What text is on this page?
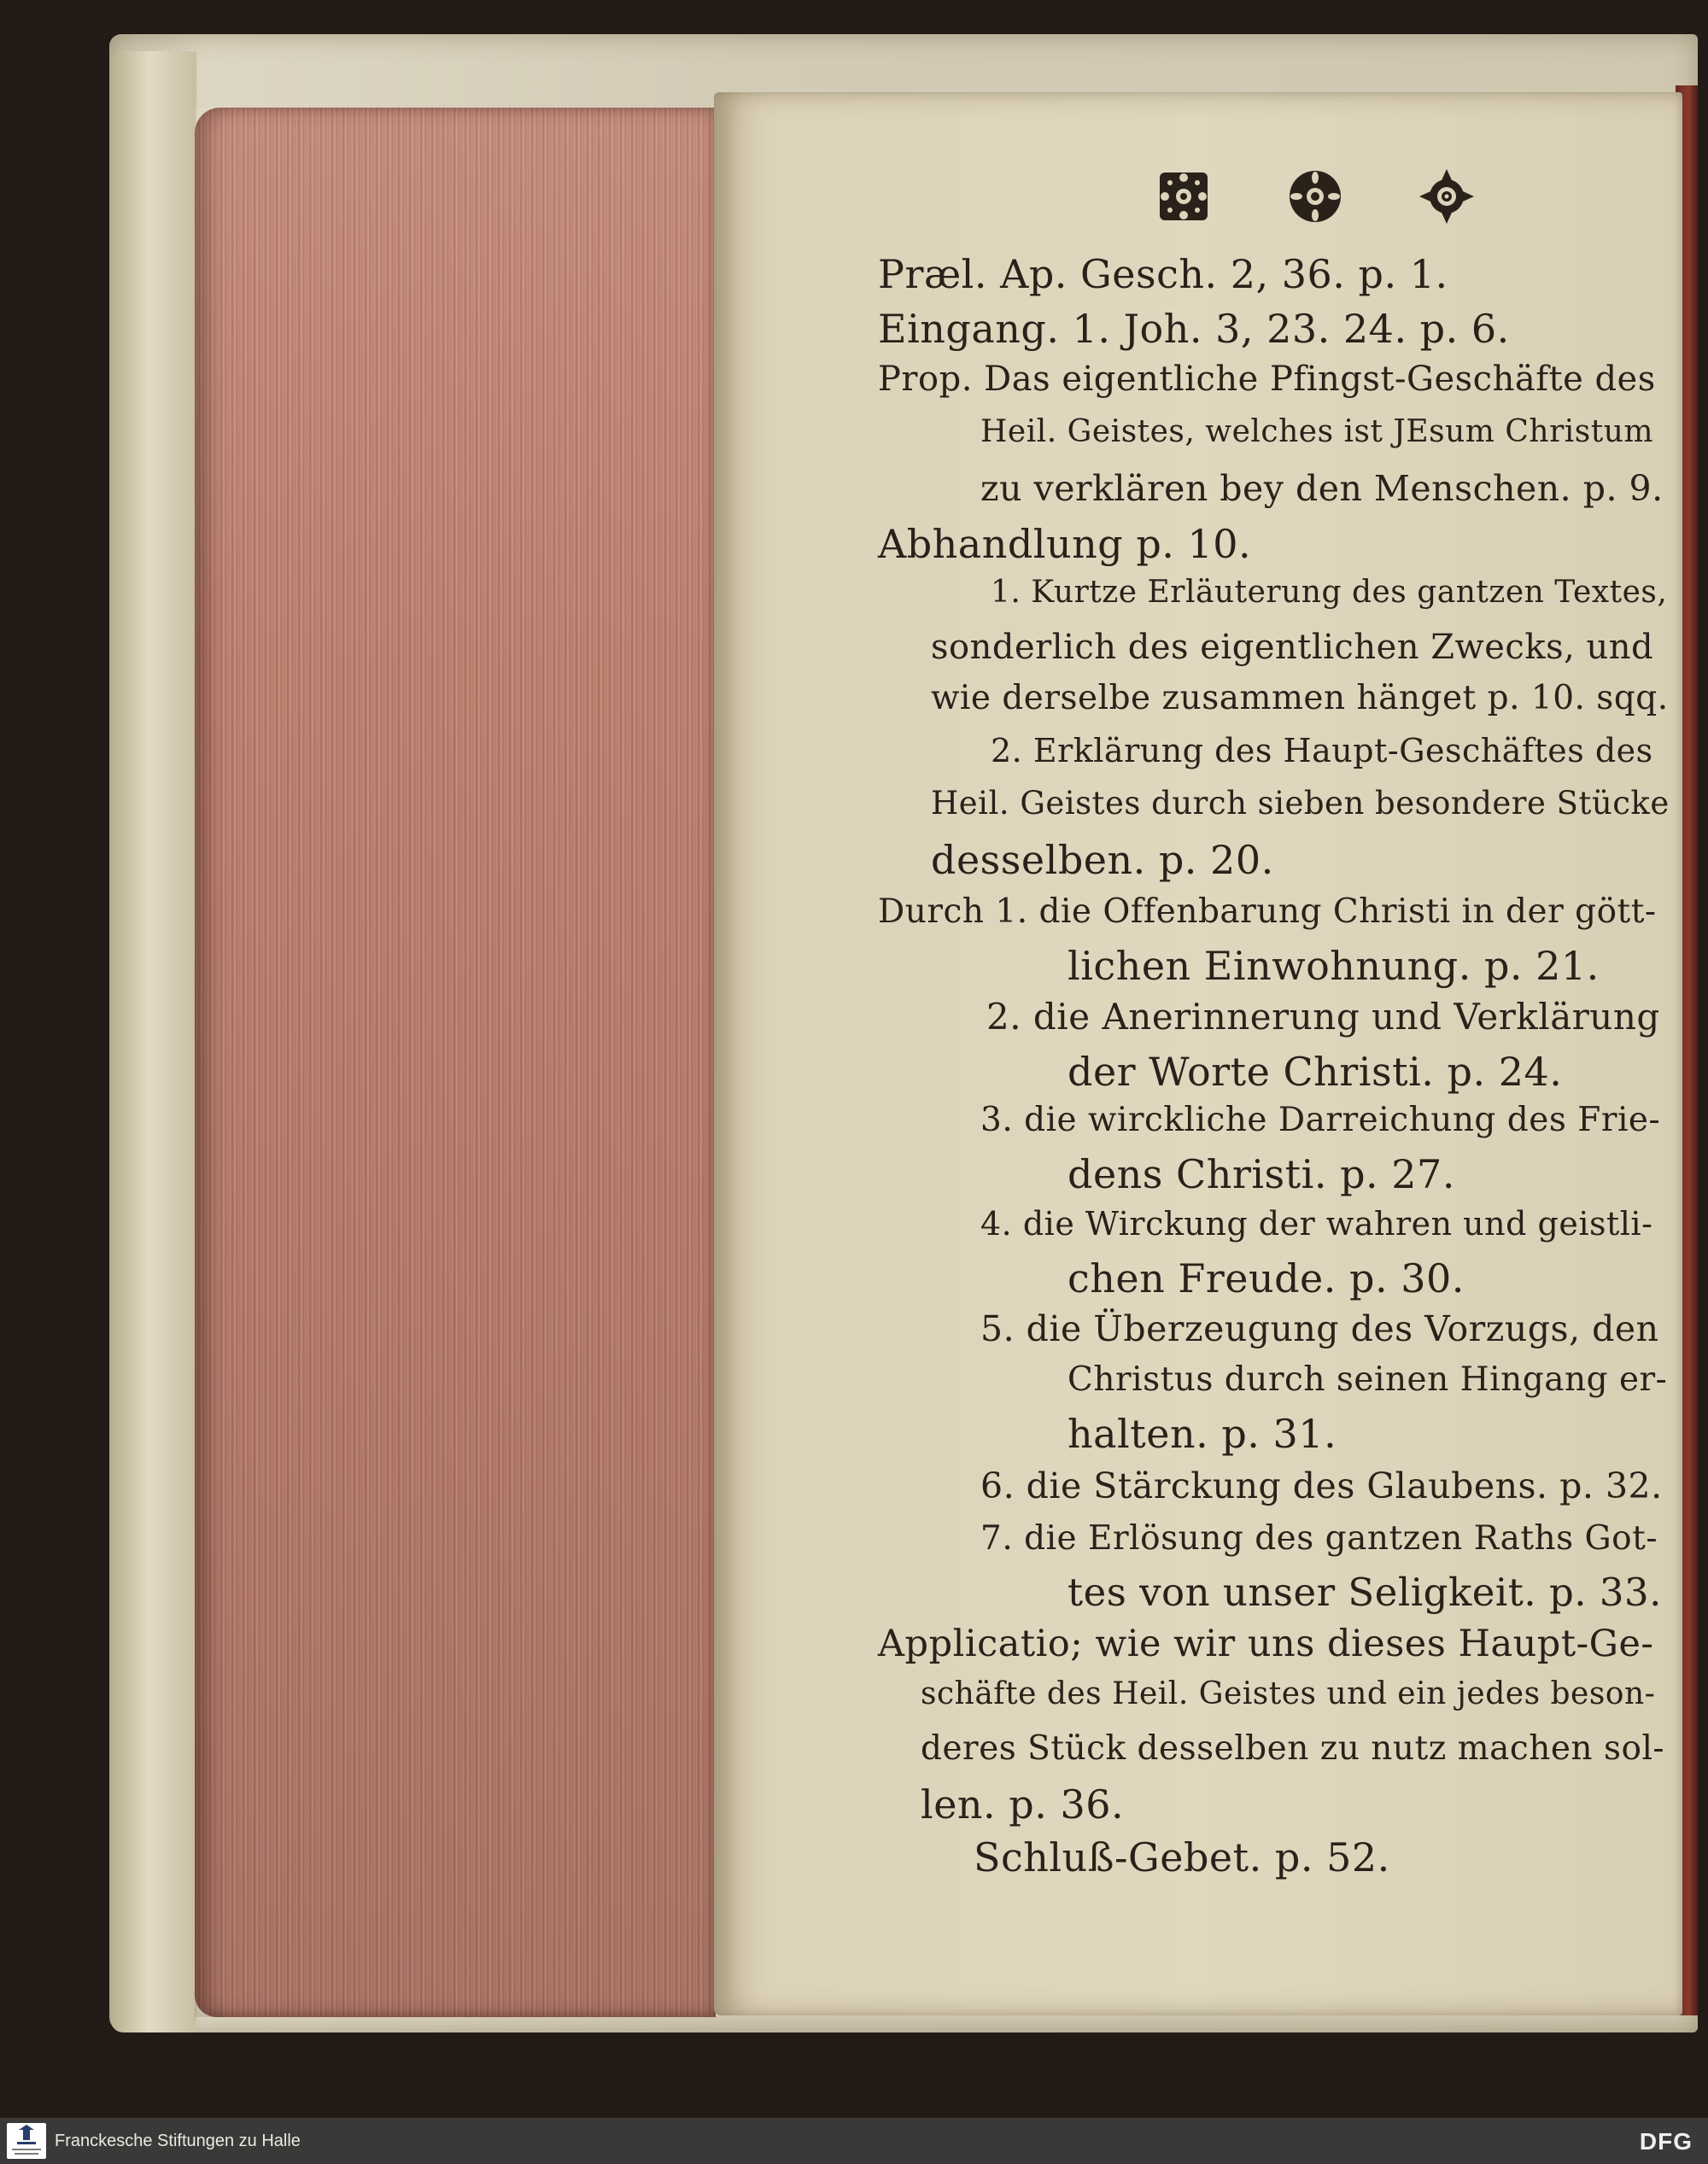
Præl. Ap. Gesch. 2, 36. p. 1.

Eingang. 1. Joh. 3, 23. 24. p. 6.

Prop. Das eigentliche Pfingst-Geschäfte des

Heil. Geistes, welches ist JEsum Christum

zu verklären bey den Menschen. p. 9.

Abhandlung p. 10.

1. Kurtze Erläuterung des gantzen Textes,

sonderlich des eigentlichen Zwecks, und

wie derselbe zusammen hänget p. 10. sqq.

2. Erklärung des Haupt-Geschäftes des

Heil. Geistes durch sieben besondere Stücke

desselben. p. 20.

Durch 1. die Offenbarung Christi in der gött-

lichen Einwohnung. p. 21.

2. die Anerinnerung und Verklärung

der Worte Christi. p. 24.

3. die wirckliche Darreichung des Frie-

dens Christi. p. 27.

4. die Wirckung der wahren und geistli-

chen Freude. p. 30.

5. die Überzeugung des Vorzugs, den

Christus durch seinen Hingang er-

halten. p. 31.

6. die Stärckung des Glaubens. p. 32.

7. die Erlösung des gantzen Raths Got-

tes von unser Seligkeit. p. 33.

Applicatio; wie wir uns dieses Haupt-Ge-

schäfte des Heil. Geistes und ein jedes beson-

deres Stück desselben zu nutz machen sol-

len. p. 36.

Schluß-Gebet. p. 52.

Franckesche Stiftungen zu Halle	DFG
